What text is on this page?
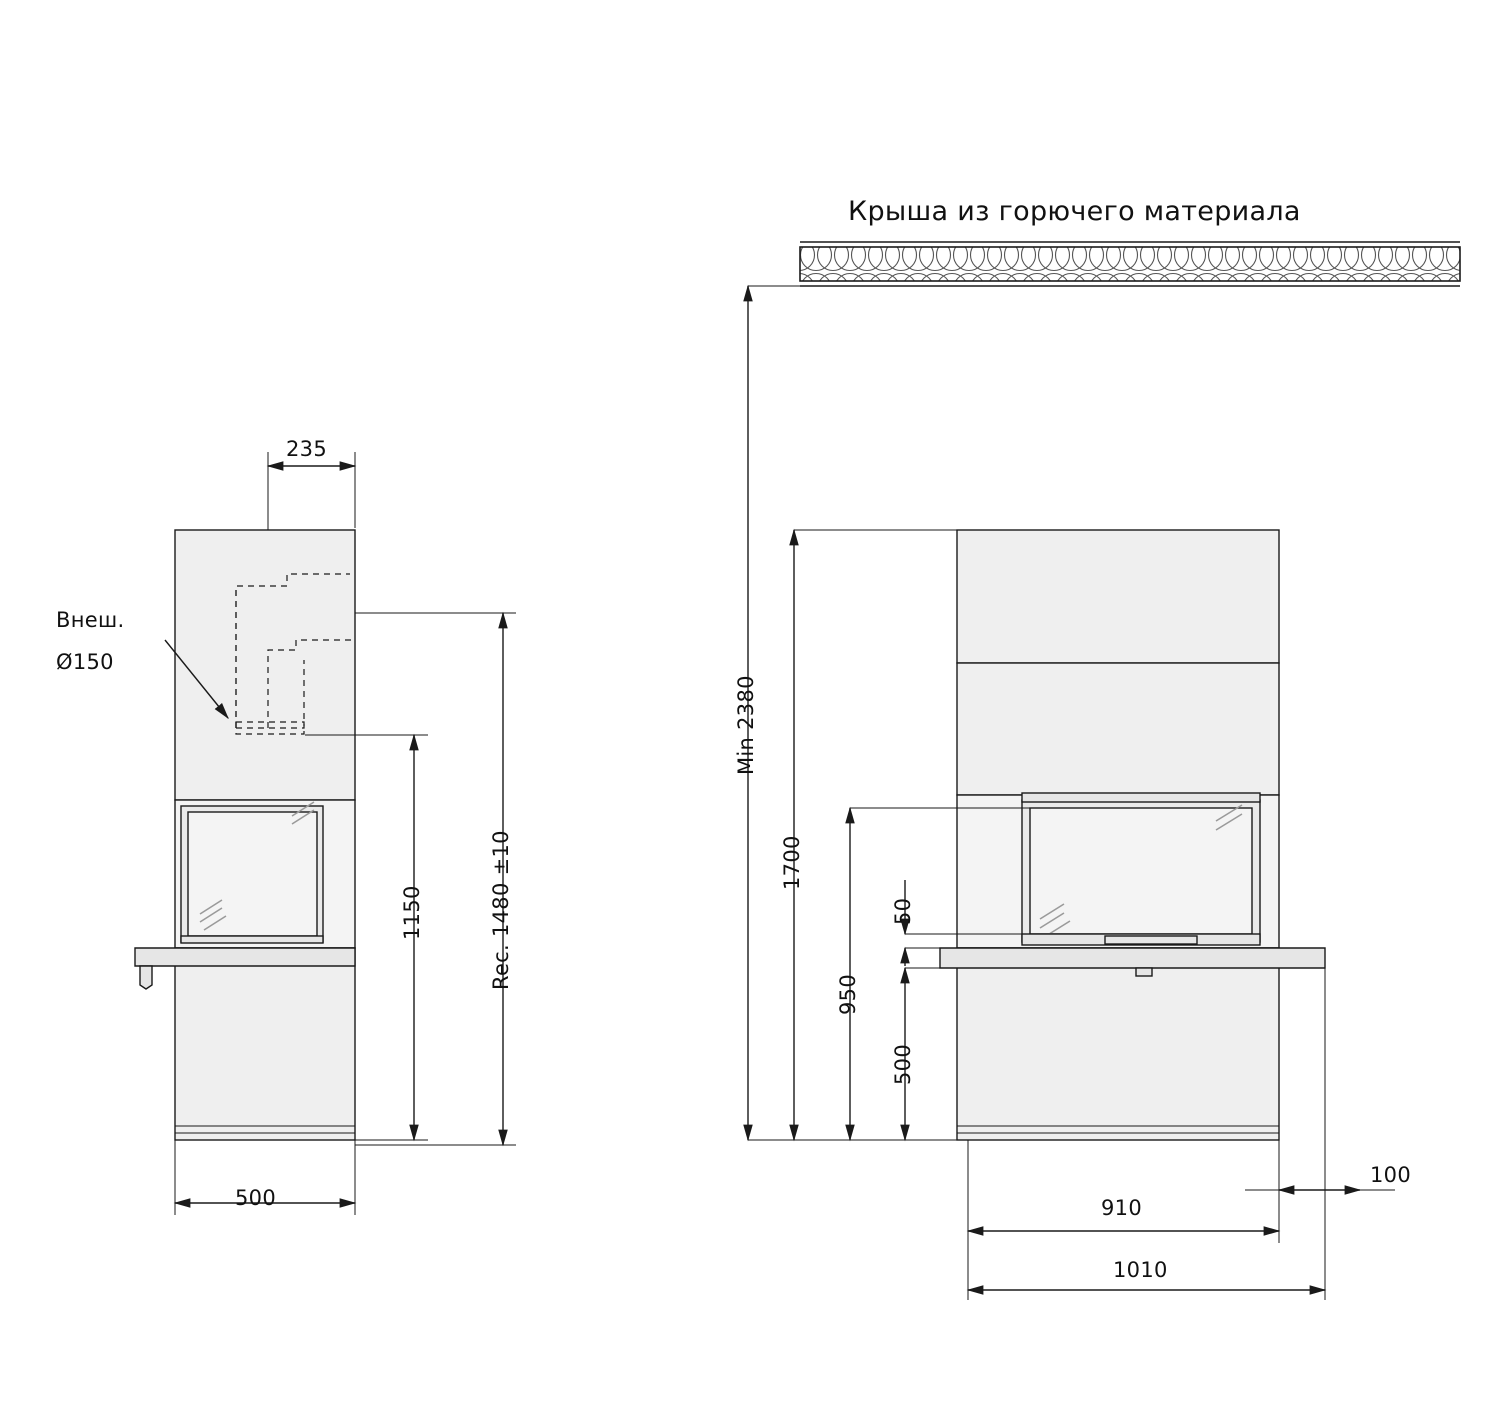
Крыша из горючего материала
Внеш.
Ø150
235
500
1150	Rec. 1480 ±10
Min 2380
1700
950
500
50
910
1010
100
